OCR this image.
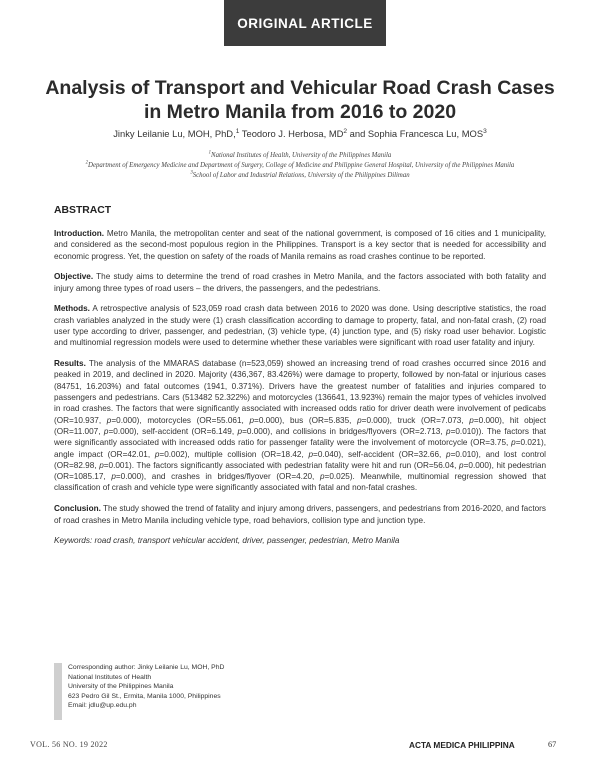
ORIGINAL ARTICLE
Analysis of Transport and Vehicular Road Crash Cases
in Metro Manila from 2016 to 2020
Jinky Leilanie Lu, MOH, PhD,$^1$ Teodoro J. Herbosa, $MD^2$ and Sophia Francesca Lu, MOS$^3$
$^1$National Institutes of Health, University of the Philippines Manila
$^2$Department of Emergency Medicine and Department of Surgery, College of Medicine and Philippine General Hospital, University of the Philippines Manila
$^3$School of Labor and Industrial Relations, University of the Philippines Diliman
ABSTRACT

Introduction. Metro Manila, the metropolitan center and seat of the national government, is composed of 16 cities and 1 municipality, and considered as the second-most populous region in the Philippines. Transport is a key sector that is needed for accessibility and economic progress. Yet, the question on safety of the roads of Manila remains as road crashes continue to be reported.

Objective. The study aims to determine the trend of road crashes in Metro Manila, and the factors associated with both fatality and injury among three types of road users – the drivers, the passengers, and the pedestrians.

Methods. A retrospective analysis of 523,059 road crash data between 2016 to 2020 was done. Using descriptive statistics, the road crash variables analyzed in the study were (1) crash classification according to damage to property, fatal, and non-fatal crash, (2) road user type according to driver, passenger, and pedestrian, (3) vehicle type, (4) junction type, and (5) risky road user behavior. Logistic and multinomial regression models were used to determine whether these variables were significant with road user fatality and injury.

Results. The analysis of the MMARAS database (n=523,059) showed an increasing trend of road crashes occurred since 2016 and peaked in 2019, and declined in 2020. Majority (436,367, 83.426%) were damage to property, followed by non-fatal or injurious cases (84751, 16.203%) and fatal outcomes (1941, 0.371%). Drivers have the greatest number of fatalities and injuries compared to passengers and pedestrians. Cars (513482 52.322%) and motorcycles (136641, 13.923%) remain the major types of vehicles involved in road crashes. The factors that were significantly associated with increased odds ratio for driver death were involvement of pedicabs (OR=10.937, p=0.000), motorcycles (OR=55.061, p=0.000), bus (OR=5.835, p=0.000), truck (OR=7.073, p=0.000), hit object (OR=11.007, p=0.000), self-accident (OR=6.149, p=0.000), and collisions in bridges/flyovers (OR=2.713, p=0.010)). The factors that were significantly associated with increased odds ratio for passenger fatality were the involvement of motorcycle (OR=3.75, p=0.021), angle impact (OR=42.01, p=0.002), multiple collision (OR=18.42, p=0.040), self-accident (OR=32.66, p=0.010), and lost control (OR=82.98, p=0.001). The factors significantly associated with pedestrian fatality were hit and run (OR=56.04, p=0.000), hit pedestrian (OR=1085.17, p=0.000), and crashes in bridges/flyover (OR=4.20, p=0.025). Meanwhile, multinomial regression showed that classification of crash and vehicle type were significantly associated with fatal and non-fatal crashes.

Conclusion. The study showed the trend of fatality and injury among drivers, passengers, and pedestrians from 2016-2020, and factors of road crashes in Metro Manila including vehicle type, road behaviors, collision type and junction type.

Keywords: road crash, transport vehicular accident, driver, passenger, pedestrian, Metro Manila

Corresponding author: Jinky Leilanie Lu, MOH, PhD
National Institutes of Health
University of the Philippines Manila
623 Pedro Gil St., Ermita, Manila 1000, Philippines
Email: jdlu@up.edu.ph
VOL. 56 NO. 19 2022	ACTA MEDICA PHILIPPINA	67
